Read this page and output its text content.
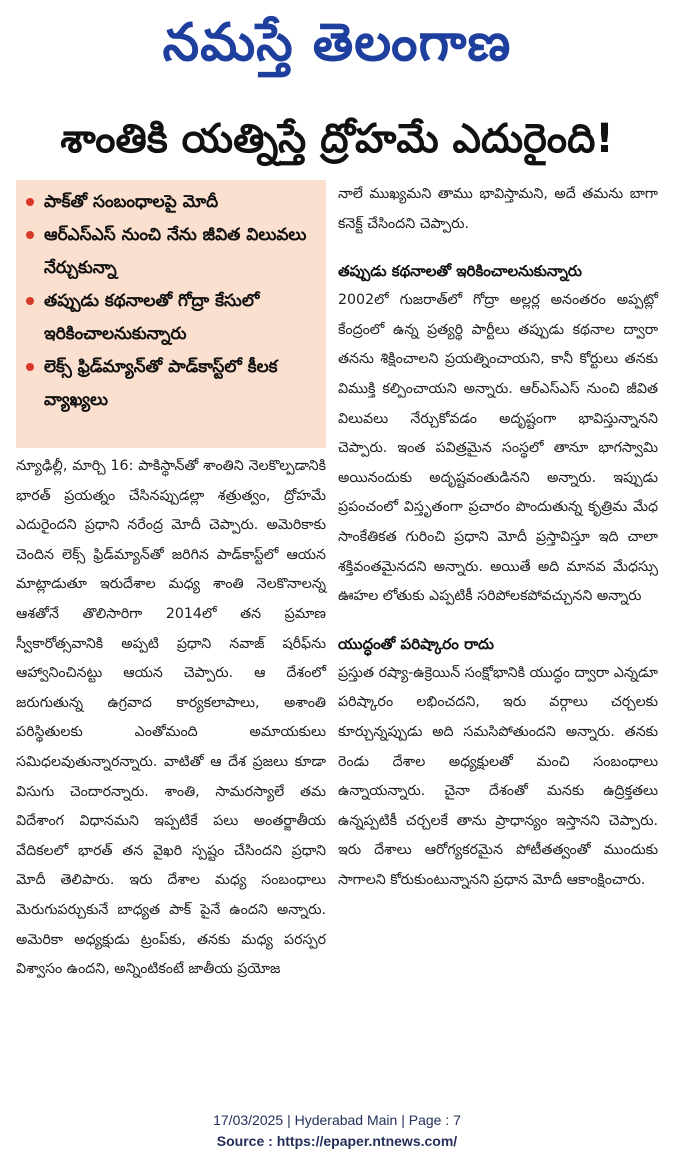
నమస్తే తెలంగాణ
శాంతికి యత్నిస్తే ద్రోహమే ఎదురైంది!
పాక్‌తో సంబంధాలపై మోదీ
ఆర్‌ఎస్‌ఎస్ నుంచి నేను జీవిత విలువలు నేర్చుకున్నా
తప్పుడు కథనాలతో గోద్రా కేసులో ఇరికించాలనుకున్నారు
లెక్స్ ఫ్రిడ్‌మ్యాన్‌తో పాడ్‌కాస్ట్‌లో కీలక వ్యాఖ్యలు

న్యూఢిల్లీ, మార్చి 16: పాకిస్థాన్‌తో శాంతిని నెలకొల్పడానికి భారత్ ప్రయత్నం చేసినప్పుడల్లా శత్రుత్వం, ద్రోహమే ఎదురైందని ప్రధాని నరేంద్ర మోదీ చెప్పారు. అమెరికాకు చెందిన లెక్స్ ఫ్రిడ్‌మ్యాన్‌తో జరిగిన పాడ్‌కాస్ట్‌లో ఆయన మాట్లాడుతూ ఇరుదేశాల మధ్య శాంతి నెలకొనాలన్న ఆశతోనే తొలిసారిగా 2014లో తన ప్రమాణ స్వీకారోత్సవానికి అప్పటి ప్రధాని నవాజ్ షరీఫ్‌ను ఆహ్వానించినట్టు ఆయన చెప్పారు. ఆ దేశంలో జరుగుతున్న ఉగ్రవాద కార్యకలాపాలు, అశాంతి పరిస్థితులకు ఎంతోమంది అమాయకులు సమిధలవుతున్నారన్నారు. వాటితో ఆ దేశ ప్రజలు కూడా విసుగు చెందారన్నారు. శాంతి, సామరస్యాలే తమ విదేశాంగ విధానమని ఇప్పటికే పలు అంతర్జాతీయ వేదికలలో భారత్ తన వైఖరి స్పష్టం చేసిందని ప్రధాని మోదీ తెలిపారు. ఇరు దేశాల మధ్య సంబంధాలు మెరుగుపర్చుకునే బాధ్యత పాక్ పైనే ఉందని అన్నారు. అమెరికా అధ్యక్షుడు ట్రంప్‌కు, తనకు మధ్య పరస్పర విశ్వాసం ఉందని, అన్నింటికంటే జాతీయ ప్రయోజ

నాలే ముఖ్యమని తాము భావిస్తామని, అదే తమను బాగా కనెక్ట్ చేసిందని చెప్పారు.

తప్పుడు కథనాలతో ఇరికించాలనుకున్నారు

2002లో గుజరాత్‌లో గోద్రా అల్లర్ల అనంతరం అప్పట్లో కేంద్రంలో ఉన్న ప్రత్యర్థి పార్టీలు తప్పుడు కథనాల ద్వారా తనను శిక్షించాలని ప్రయత్నించాయని, కానీ కోర్టులు తనకు విముక్తి కల్పించాయని అన్నారు. ఆర్‌ఎస్‌ఎస్ నుంచి జీవిత విలువలు నేర్చుకోవడం అదృష్టంగా భావిస్తున్నానని చెప్పారు. ఇంత పవిత్రమైన సంస్థలో తానూ భాగస్వామి అయినందుకు అదృష్టవంతుడినని అన్నారు. ఇప్పుడు ప్రపంచంలో విస్తృతంగా ప్రచారం పొందుతున్న కృత్రిమ మేధ సాంకేతికత గురించి ప్రధాని మోదీ ప్రస్తావిస్తూ ఇది చాలా శక్తివంతమైనదని అన్నారు. అయితే అది మానవ మేధస్సు ఊహల లోతుకు ఎప్పటికీ సరిపోలకపోవచ్చునని అన్నారు

యుద్ధంతో పరిష్కారం రాదు

ప్రస్తుత రష్యా-ఉక్రెయిన్ సంక్షోభానికి యుద్ధం ద్వారా ఎన్నడూ పరిష్కారం లభించదని, ఇరు వర్గాలు చర్చలకు కూర్చున్నప్పుడు అది సమసిపోతుందని అన్నారు. తనకు రెండు దేశాల అధ్యక్షులతో మంచి సంబంధాలు ఉన్నాయన్నారు. చైనా దేశంతో మనకు ఉద్రిక్తతలు ఉన్నప్పటికీ చర్చలకే తాను ప్రాధాన్యం ఇస్తానని చెప్పారు. ఇరు దేశాలు ఆరోగ్యకరమైన పోటీతత్వంతో ముందుకు సాగాలని కోరుకుంటున్నానని ప్రధాన మోదీ ఆకాంక్షించారు.

17/03/2025 | Hyderabad Main | Page : 7
Source : https://epaper.ntnews.com/
